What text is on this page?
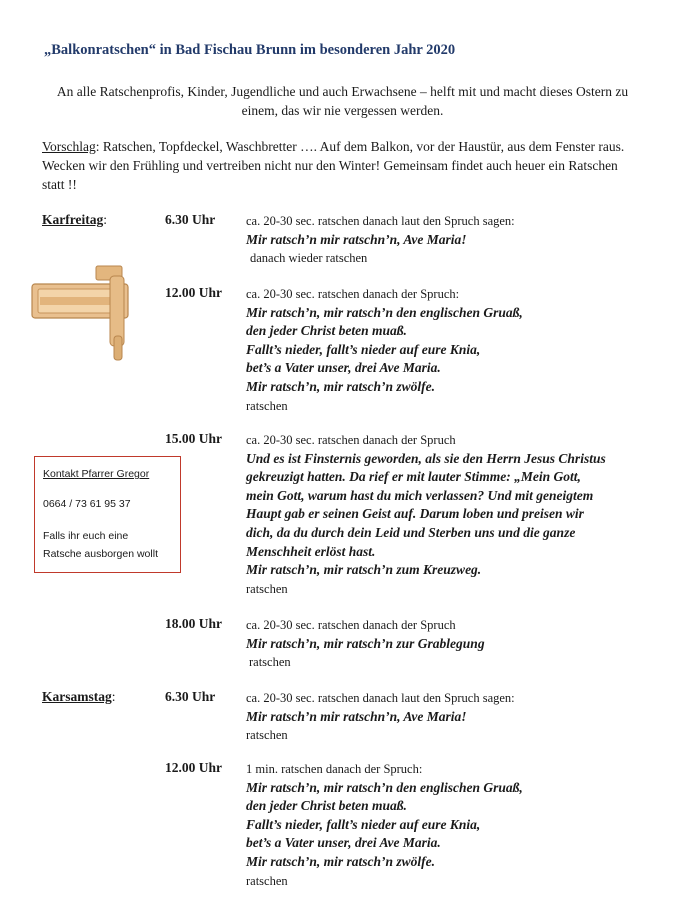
„Balkonratschen“ in Bad Fischau Brunn im besonderen Jahr 2020
An alle Ratschenprofis, Kinder, Jugendliche und auch Erwachsene – helft mit und macht dieses Ostern zu einem, das wir nie vergessen werden.
Vorschlag: Ratschen, Topfdeckel, Waschbretter …. Auf dem Balkon, vor der Haustür, aus dem Fenster raus. Wecken wir den Frühling und vertreiben nicht nur den Winter! Gemeinsam findet auch heuer ein Ratschen statt !!
Karfreitag:
Karsamstag:
Kontakt Pfarrer Gregor
0664 / 73 61 95 37
Falls ihr euch eine
Ratsche ausborgen wollt
6.30 Uhr ca. 20-30 sec. ratschen danach laut den Spruch sagen:
Mir ratsch’n mir ratschn’n, Ave Maria!
danach wieder ratschen
12.00 Uhr ca. 20-30 sec. ratschen danach der Spruch:
Mir ratsch’n, mir ratsch’n den englischen Gruaß,
den jeder Christ beten muaß.
Fallt’s nieder, fallt’s nieder auf eure Knia,
bet’s a Vater unser, drei Ave Maria.
Mir ratsch’n, mir ratsch’n zwölfe.
ratschen
15.00 Uhr ca. 20-30 sec. ratschen danach der Spruch
Und es ist Finsternis geworden, als sie den Herrn Jesus Christus
gekreuzigt hatten. Da rief er mit lauter Stimme: „Mein Gott,
mein Gott, warum hast du mich verlassen? Und mit geneigtem
Haupt gab er seinen Geist auf. Darum loben und preisen wir
dich, da du durch dein Leid und Sterben uns und die ganze
Menschheit erlöst hast.
Mir ratsch’n, mir ratsch’n zum Kreuzweg.
ratschen
18.00 Uhr ca. 20-30 sec. ratschen danach der Spruch
Mir ratsch’n, mir ratsch’n zur Grablegung
ratschen
6.30 Uhr ca. 20-30 sec. ratschen danach laut den Spruch sagen:
Mir ratsch’n mir ratschn’n, Ave Maria!
ratschen
12.00 Uhr 1 min. ratschen danach der Spruch:
Mir ratsch’n, mir ratsch’n den englischen Gruaß,
den jeder Christ beten muaß.
Fallt’s nieder, fallt’s nieder auf eure Knia,
bet’s a Vater unser, drei Ave Maria.
Mir ratsch’n, mir ratsch’n zwölfe.
ratschen
